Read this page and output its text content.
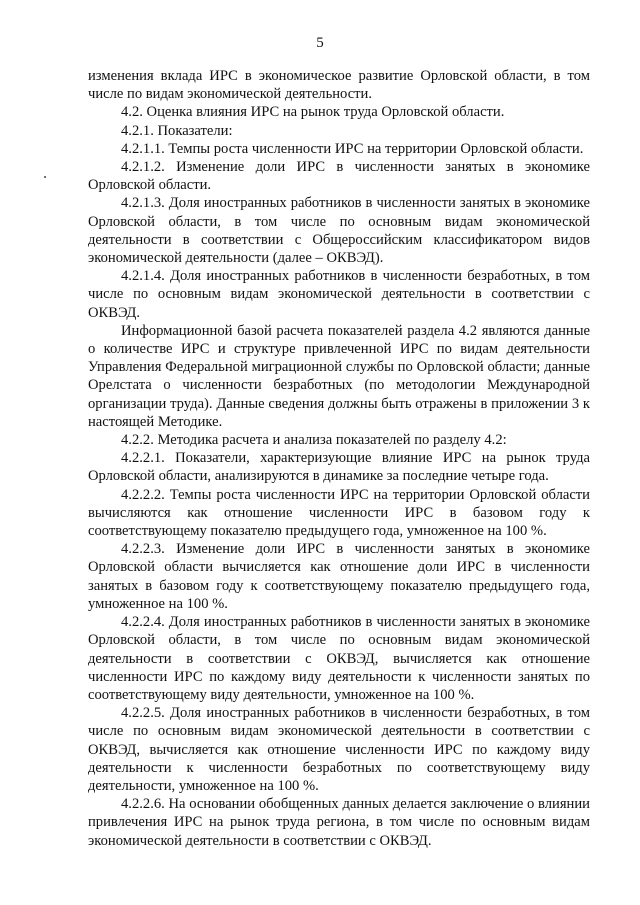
5

изменения вклада ИРС в экономическое развитие Орловской области, в том числе по видам экономической деятельности.

4.2. Оценка влияния ИРС на рынок труда Орловской области.

4.2.1. Показатели:

4.2.1.1. Темпы роста численности ИРС на территории Орловской области.

4.2.1.2. Изменение доли ИРС в численности занятых в экономике Орловской области.

4.2.1.3. Доля иностранных работников в численности занятых в экономике Орловской области, в том числе по основным видам экономической деятельности в соответствии с Общероссийским классификатором видов экономической деятельности (далее – ОКВЭД).

4.2.1.4. Доля иностранных работников в численности безработных, в том числе по основным видам экономической деятельности в соответствии с ОКВЭД.

Информационной базой расчета показателей раздела 4.2 являются данные о количестве ИРС и структуре привлеченной ИРС по видам деятельности Управления Федеральной миграционной службы по Орловской области; данные Орелстата о численности безработных (по методологии Международной организации труда). Данные сведения должны быть отражены в приложении 3 к настоящей Методике.

4.2.2. Методика расчета и анализа показателей по разделу 4.2:

4.2.2.1. Показатели, характеризующие влияние ИРС на рынок труда Орловской области, анализируются в динамике за последние четыре года.

4.2.2.2. Темпы роста численности ИРС на территории Орловской области вычисляются как отношение численности ИРС в базовом году к соответствующему показателю предыдущего года, умноженное на 100 %.

4.2.2.3. Изменение доли ИРС в численности занятых в экономике Орловской области вычисляется как отношение доли ИРС в численности занятых в базовом году к соответствующему показателю предыдущего года, умноженное на 100 %.

4.2.2.4. Доля иностранных работников в численности занятых в экономике Орловской области, в том числе по основным видам экономической деятельности в соответствии с ОКВЭД, вычисляется как отношение численности ИРС по каждому виду деятельности к численности занятых по соответствующему виду деятельности, умноженное на 100 %.

4.2.2.5. Доля иностранных работников в численности безработных, в том числе по основным видам экономической деятельности в соответствии с ОКВЭД, вычисляется как отношение численности ИРС по каждому виду деятельности к численности безработных по соответствующему виду деятельности, умноженное на 100 %.

4.2.2.6. На основании обобщенных данных делается заключение о влиянии привлечения ИРС на рынок труда региона, в том числе по основным видам экономической деятельности в соответствии с ОКВЭД.
